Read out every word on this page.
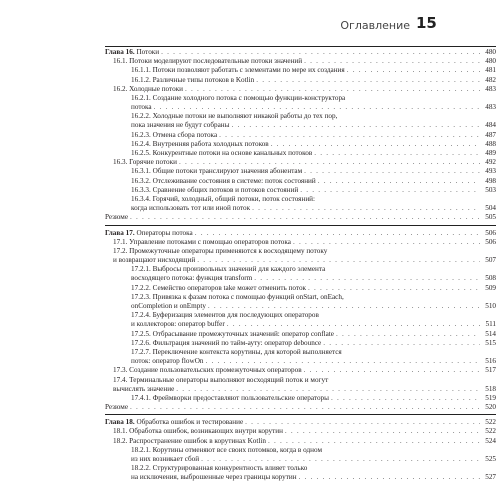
Оглавление 15
Глава 16. Потоки . . .	480
16.1. Потоки моделируют последовательные потоки значений . . .	480
16.1.1. Потоки позволяют работать с элементами по мере их создания . . .	481
16.1.2. Различные типы потоков в Kotlin . . .	482
16.2. Холодные потоки . . .	483
16.2.1. Создание холодного потока с помощью функции-конструктора
потока . . .	483
16.2.2. Холодные потоки не выполняют никакой работы до тех пор,
пока значения не будут собраны . . .	484
16.2.3. Отмена сбора потока . . .	487
16.2.4. Внутренняя работа холодных потоков . . .	488
16.2.5. Конкурентные потоки на основе канальных потоков . . .	489
16.3. Горячие потоки . . .	492
16.3.1. Общие потоки транслируют значения абонентам . . .	493
16.3.2. Отслеживание состояния в системе: поток состояний . . .	498
16.3.3. Сравнение общих потоков и потоков состояний . . .	503
16.3.4. Горячий, холодный, общий потоки, поток состояний:
когда использовать тот или иной поток . . .	504
Резюме . . .	505
Глава 17. Операторы потока . . .	506
17.1. Управление потоками с помощью операторов потока . . .	506
17.2. Промежуточные операторы применяются к восходящему потоку
и возвращают нисходящий . . .	507
17.2.1. Выбросы произвольных значений для каждого элемента
восходящего потока: функция transform . . .	508
17.2.2. Семейство операторов take может отменить поток . . .	509
17.2.3. Привязка к фазам потока с помощью функций onStart, onEach,
onCompletion и onEmpty . . .	510
17.2.4. Буферизация элементов для последующих операторов
и коллекторов: оператор buffer . . .	511
17.2.5. Отбрасывание промежуточных значений: оператор conflate . . .	514
17.2.6. Фильтрация значений по тайм-ауту: оператор debounce . . .	515
17.2.7. Переключение контекста корутины, для которой выполняется
поток: оператор flowOn . . .	516
17.3. Создание пользовательских промежуточных операторов . . .	517
17.4. Терминальные операторы выполняют восходящий поток и могут
вычислять значение . . .	518
17.4.1. Фреймворки предоставляют пользовательские операторы . . .	519
Резюме . . .	520
Глава 18. Обработка ошибок и тестирование . . .	522
18.1. Обработка ошибок, возникающих внутри корутин . . .	522
18.2. Распространение ошибок в корутинах Kotlin . . .	524
18.2.1. Корутины отменяют все своих потомков, когда в одном
из них возникает сбой . . .	525
18.2.2. Структурированная конкурентность влияет только
на исключения, выброшенные через границы корутин . . .	527
